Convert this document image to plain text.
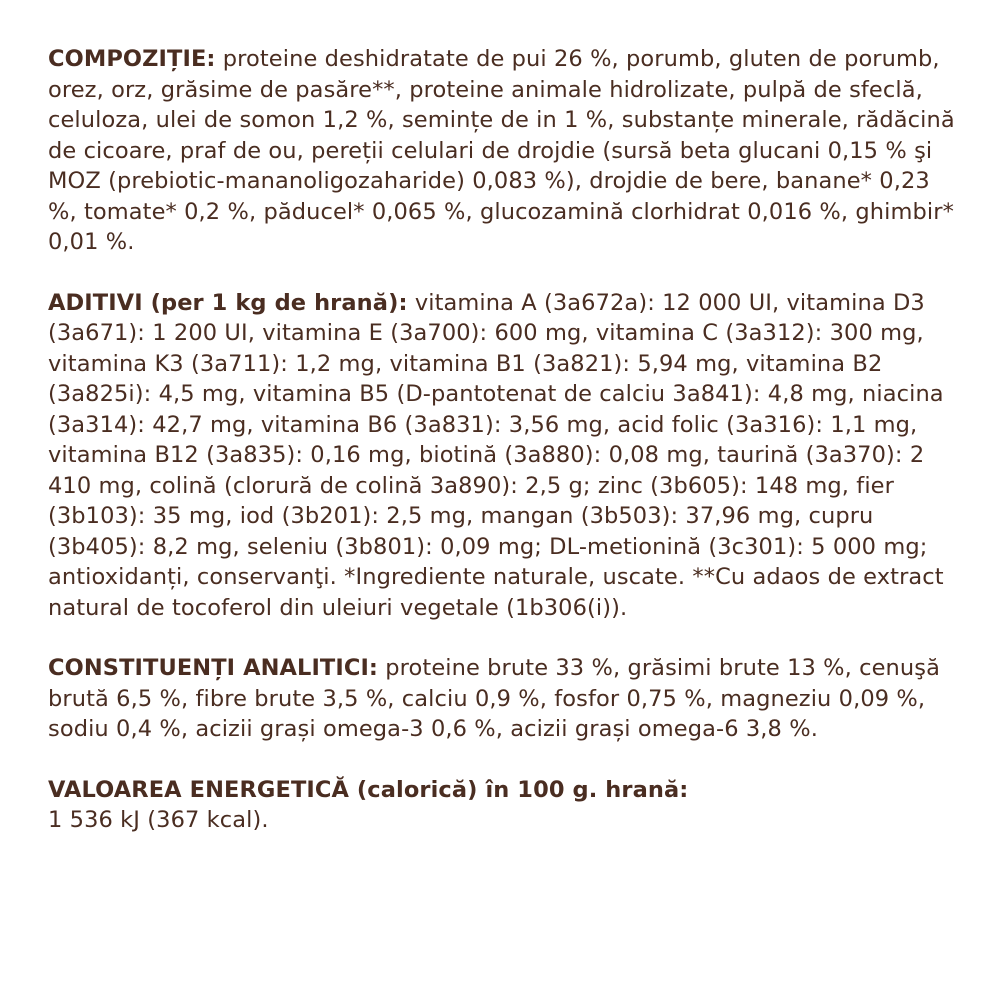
COMPOZIȚIE: proteine deshidratate de pui 26 %, porumb, gluten de porumb, orez, orz, grăsime de pasăre**, proteine animale hidrolizate, pulpă de sfeclă, celuloza, ulei de somon 1,2 %, semințe de in 1 %, substanțe minerale, rădăcină de cicoare, praf de ou, pereții celulari de drojdie (sursă beta glucani 0,15 % şi MOZ (prebiotic-mananoligozaharide) 0,083 %), drojdie de bere, banane* 0,23 %, tomate* 0,2 %, păducel* 0,065 %, glucozamină clorhidrat 0,016 %, ghimbir* 0,01 %.

ADITIVI (per 1 kg de hrană): vitamina A (3a672a): 12 000 UI, vitamina D3 (3a671): 1 200 UI, vitamina E (3a700): 600 mg, vitamina C (3a312): 300 mg, vitamina K3 (3a711): 1,2 mg, vitamina B1 (3a821): 5,94 mg, vitamina B2 (3a825i): 4,5 mg, vitamina B5 (D-pantotenat de calciu 3a841): 4,8 mg, niacina (3a314): 42,7 mg, vitamina B6 (3a831): 3,56 mg, acid folic (3a316): 1,1 mg, vitamina B12 (3a835): 0,16 mg, biotină (3a880): 0,08 mg, taurină (3a370): 2 410 mg, colină (clorură de colină 3a890): 2,5 g; zinc (3b605): 148 mg, fier (3b103): 35 mg, iod (3b201): 2,5 mg, mangan (3b503): 37,96 mg, cupru (3b405): 8,2 mg, seleniu (3b801): 0,09 mg; DL-metionină (3c301): 5 000 mg; antioxidanți, conservanţi. *Ingrediente naturale, uscate. **Cu adaos de extract natural de tocoferol din uleiuri vegetale (1b306(i)).

CONSTITUENȚI ANALITICI: proteine brute 33 %, grăsimi brute 13 %, cenuşă brută 6,5 %, fibre brute 3,5 %, calciu 0,9 %, fosfor 0,75 %, magneziu 0,09 %, sodiu 0,4 %, acizii grași omega-3 0,6 %, acizii grași omega-6 3,8 %.

VALOAREA ENERGETICĂ (calorică) în 100 g. hrană:
1 536 kJ (367 kcal).
